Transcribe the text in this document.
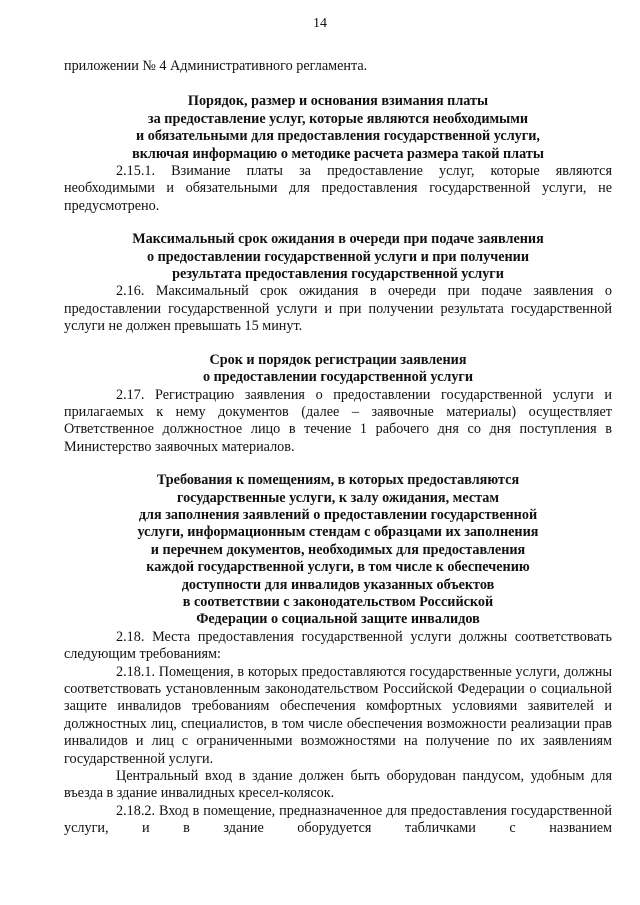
14

приложении № 4 Административного регламента.

Порядок, размер и основания взимания платы
за предоставление услуг, которые являются необходимыми
и обязательными для предоставления государственной услуги,
включая информацию о методике расчета размера такой платы

2.15.1. Взимание платы за предоставление услуг, которые являются необходимыми и обязательными для предоставления государственной услуги, не предусмотрено.

Максимальный срок ожидания в очереди при подаче заявления
о предоставлении государственной услуги и при получении
результата предоставления государственной услуги

2.16. Максимальный срок ожидания в очереди при подаче заявления о предоставлении государственной услуги и при получении результата государственной услуги не должен превышать 15 минут.

Срок и порядок регистрации заявления
о предоставлении государственной услуги

2.17. Регистрацию заявления о предоставлении государственной услуги и прилагаемых к нему документов (далее – заявочные материалы) осуществляет Ответственное должностное лицо в течение 1 рабочего дня со дня поступления в Министерство заявочных материалов.

Требования к помещениям, в которых предоставляются
государственные услуги, к залу ожидания, местам
для заполнения заявлений о предоставлении государственной
услуги, информационным стендам с образцами их заполнения
и перечнем документов, необходимых для предоставления
каждой государственной услуги, в том числе к обеспечению
доступности для инвалидов указанных объектов
в соответствии с законодательством Российской
Федерации о социальной защите инвалидов

2.18. Места предоставления государственной услуги должны соответствовать следующим требованиям:

2.18.1. Помещения, в которых предоставляются государственные услуги, должны соответствовать установленным законодательством Российской Федерации о социальной защите инвалидов требованиям обеспечения комфортных условиями заявителей и должностных лиц, специалистов, в том числе обеспечения возможности реализации прав инвалидов и лиц с ограниченными возможностями на получение по их заявлениям государственной услуги.

Центральный вход в здание должен быть оборудован пандусом, удобным для въезда в здание инвалидных кресел-колясок.

2.18.2. Вход в помещение, предназначенное для предоставления государственной услуги, и в здание оборудуется табличками с названием
